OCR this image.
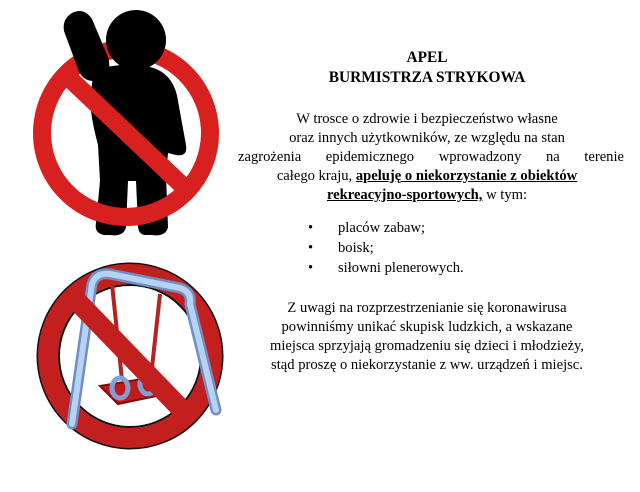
APEL
BURMISTRZA STRYKOWA

W trosce o zdrowie i bezpieczeństwo własne
oraz innych użytkowników, ze względu na stan

zagrożenia epidemicznego wprowadzony na terenie
całego kraju, apeluję o niekorzystanie z obiektów
rekreacyjno-sportowych, w tym:
• placów zabaw;
• boisk;
• siłowni plenerowych.
Z uwagi na rozprzestrzenianie się koronawirusa
powinniśmy unikać skupisk ludzkich, a wskazane
miejsca sprzyjają gromadzeniu się dzieci i młodzieży,
stąd proszę o niekorzystanie z ww. urządzeń i miejsc.
